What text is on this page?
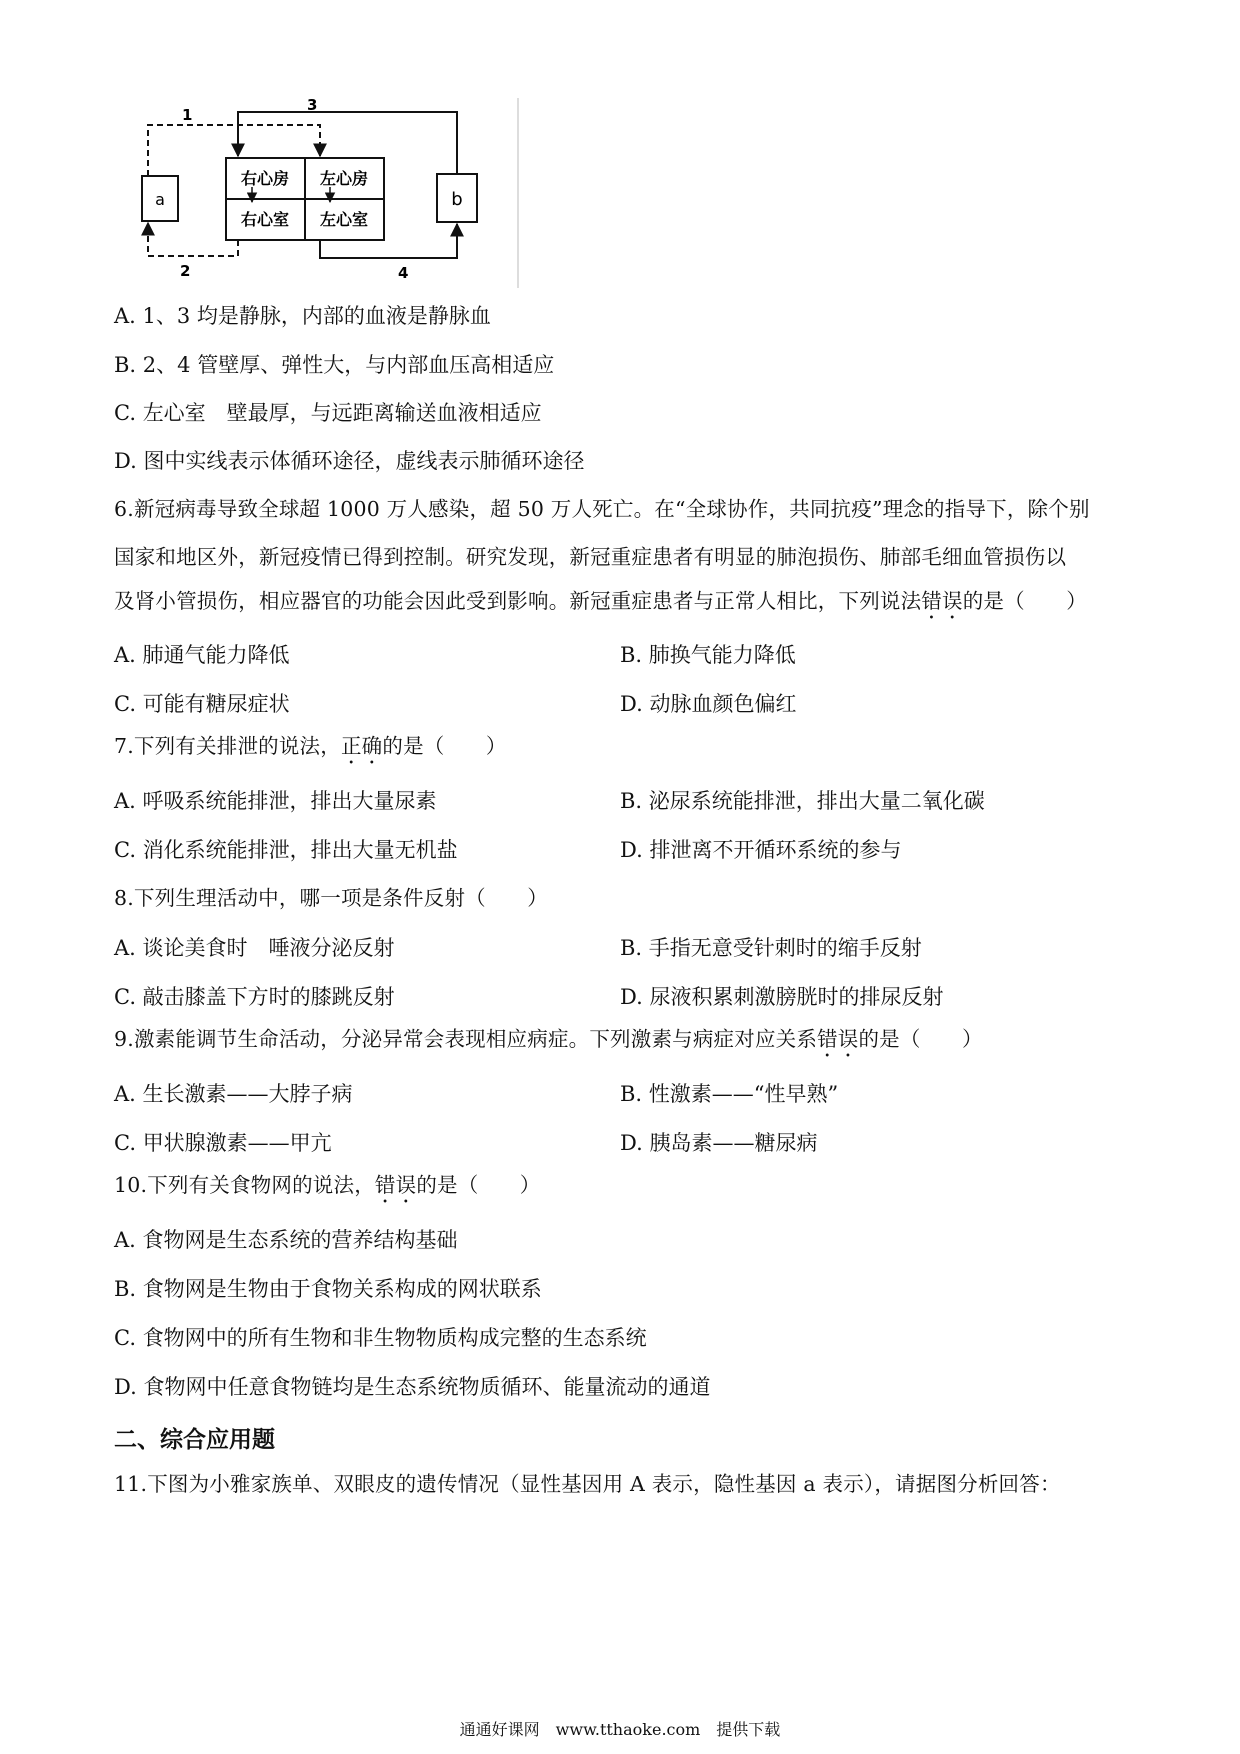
a	b
右心房 左心房
右心室 左心室
1
3
2	4
A. 1、3 均是静脉，内部的血液是静脉血
B. 2、4 管壁厚、弹性大，与内部血压高相适应
C. 左心室　壁最厚，与远距离输送血液相适应
D. 图中实线表示体循环途径，虚线表示肺循环途径
6.新冠病毒导致全球超 1000 万人感染，超 50 万人死亡。在“全球协作，共同抗疫”理念的指导下，除个别
国家和地区外，新冠疫情已得到控制。研究发现，新冠重症患者有明显的肺泡损伤、肺部毛细血管损伤以
及肾小管损伤，相应器官的功能会因此受到影响。新冠重症患者与正常人相比，下列说法错误的是（　　）
A. 肺通气能力降低	B. 肺换气能力降低
C. 可能有糖尿症状	D. 动脉血颜色偏红
7.下列有关排泄的说法，正确的是（　　）
A. 呼吸系统能排泄，排出大量尿素	B. 泌尿系统能排泄，排出大量二氧化碳
C. 消化系统能排泄，排出大量无机盐	D. 排泄离不开循环系统的参与
8.下列生理活动中，哪一项是条件反射（　　）
A. 谈论美食时　唾液分泌反射	B. 手指无意受针刺时的缩手反射
C. 敲击膝盖下方时的膝跳反射	D. 尿液积累刺激膀胱时的排尿反射
9.激素能调节生命活动，分泌异常会表现相应病症。下列激素与病症对应关系错误的是（　　）
A. 生长激素——大脖子病	B. 性激素——“性早熟”
C. 甲状腺激素——甲亢	D. 胰岛素——糖尿病
10.下列有关食物网的说法，错误的是（　　）
A. 食物网是生态系统的营养结构基础
B. 食物网是生物由于食物关系构成的网状联系
C. 食物网中的所有生物和非生物物质构成完整的生态系统
D. 食物网中任意食物链均是生态系统物质循环、能量流动的通道
二、综合应用题
11.下图为小雅家族单、双眼皮的遗传情况（显性基因用 A 表示，隐性基因 a 表示），请据图分析回答：
通通好课网　www.tthaoke.com　提供下载
